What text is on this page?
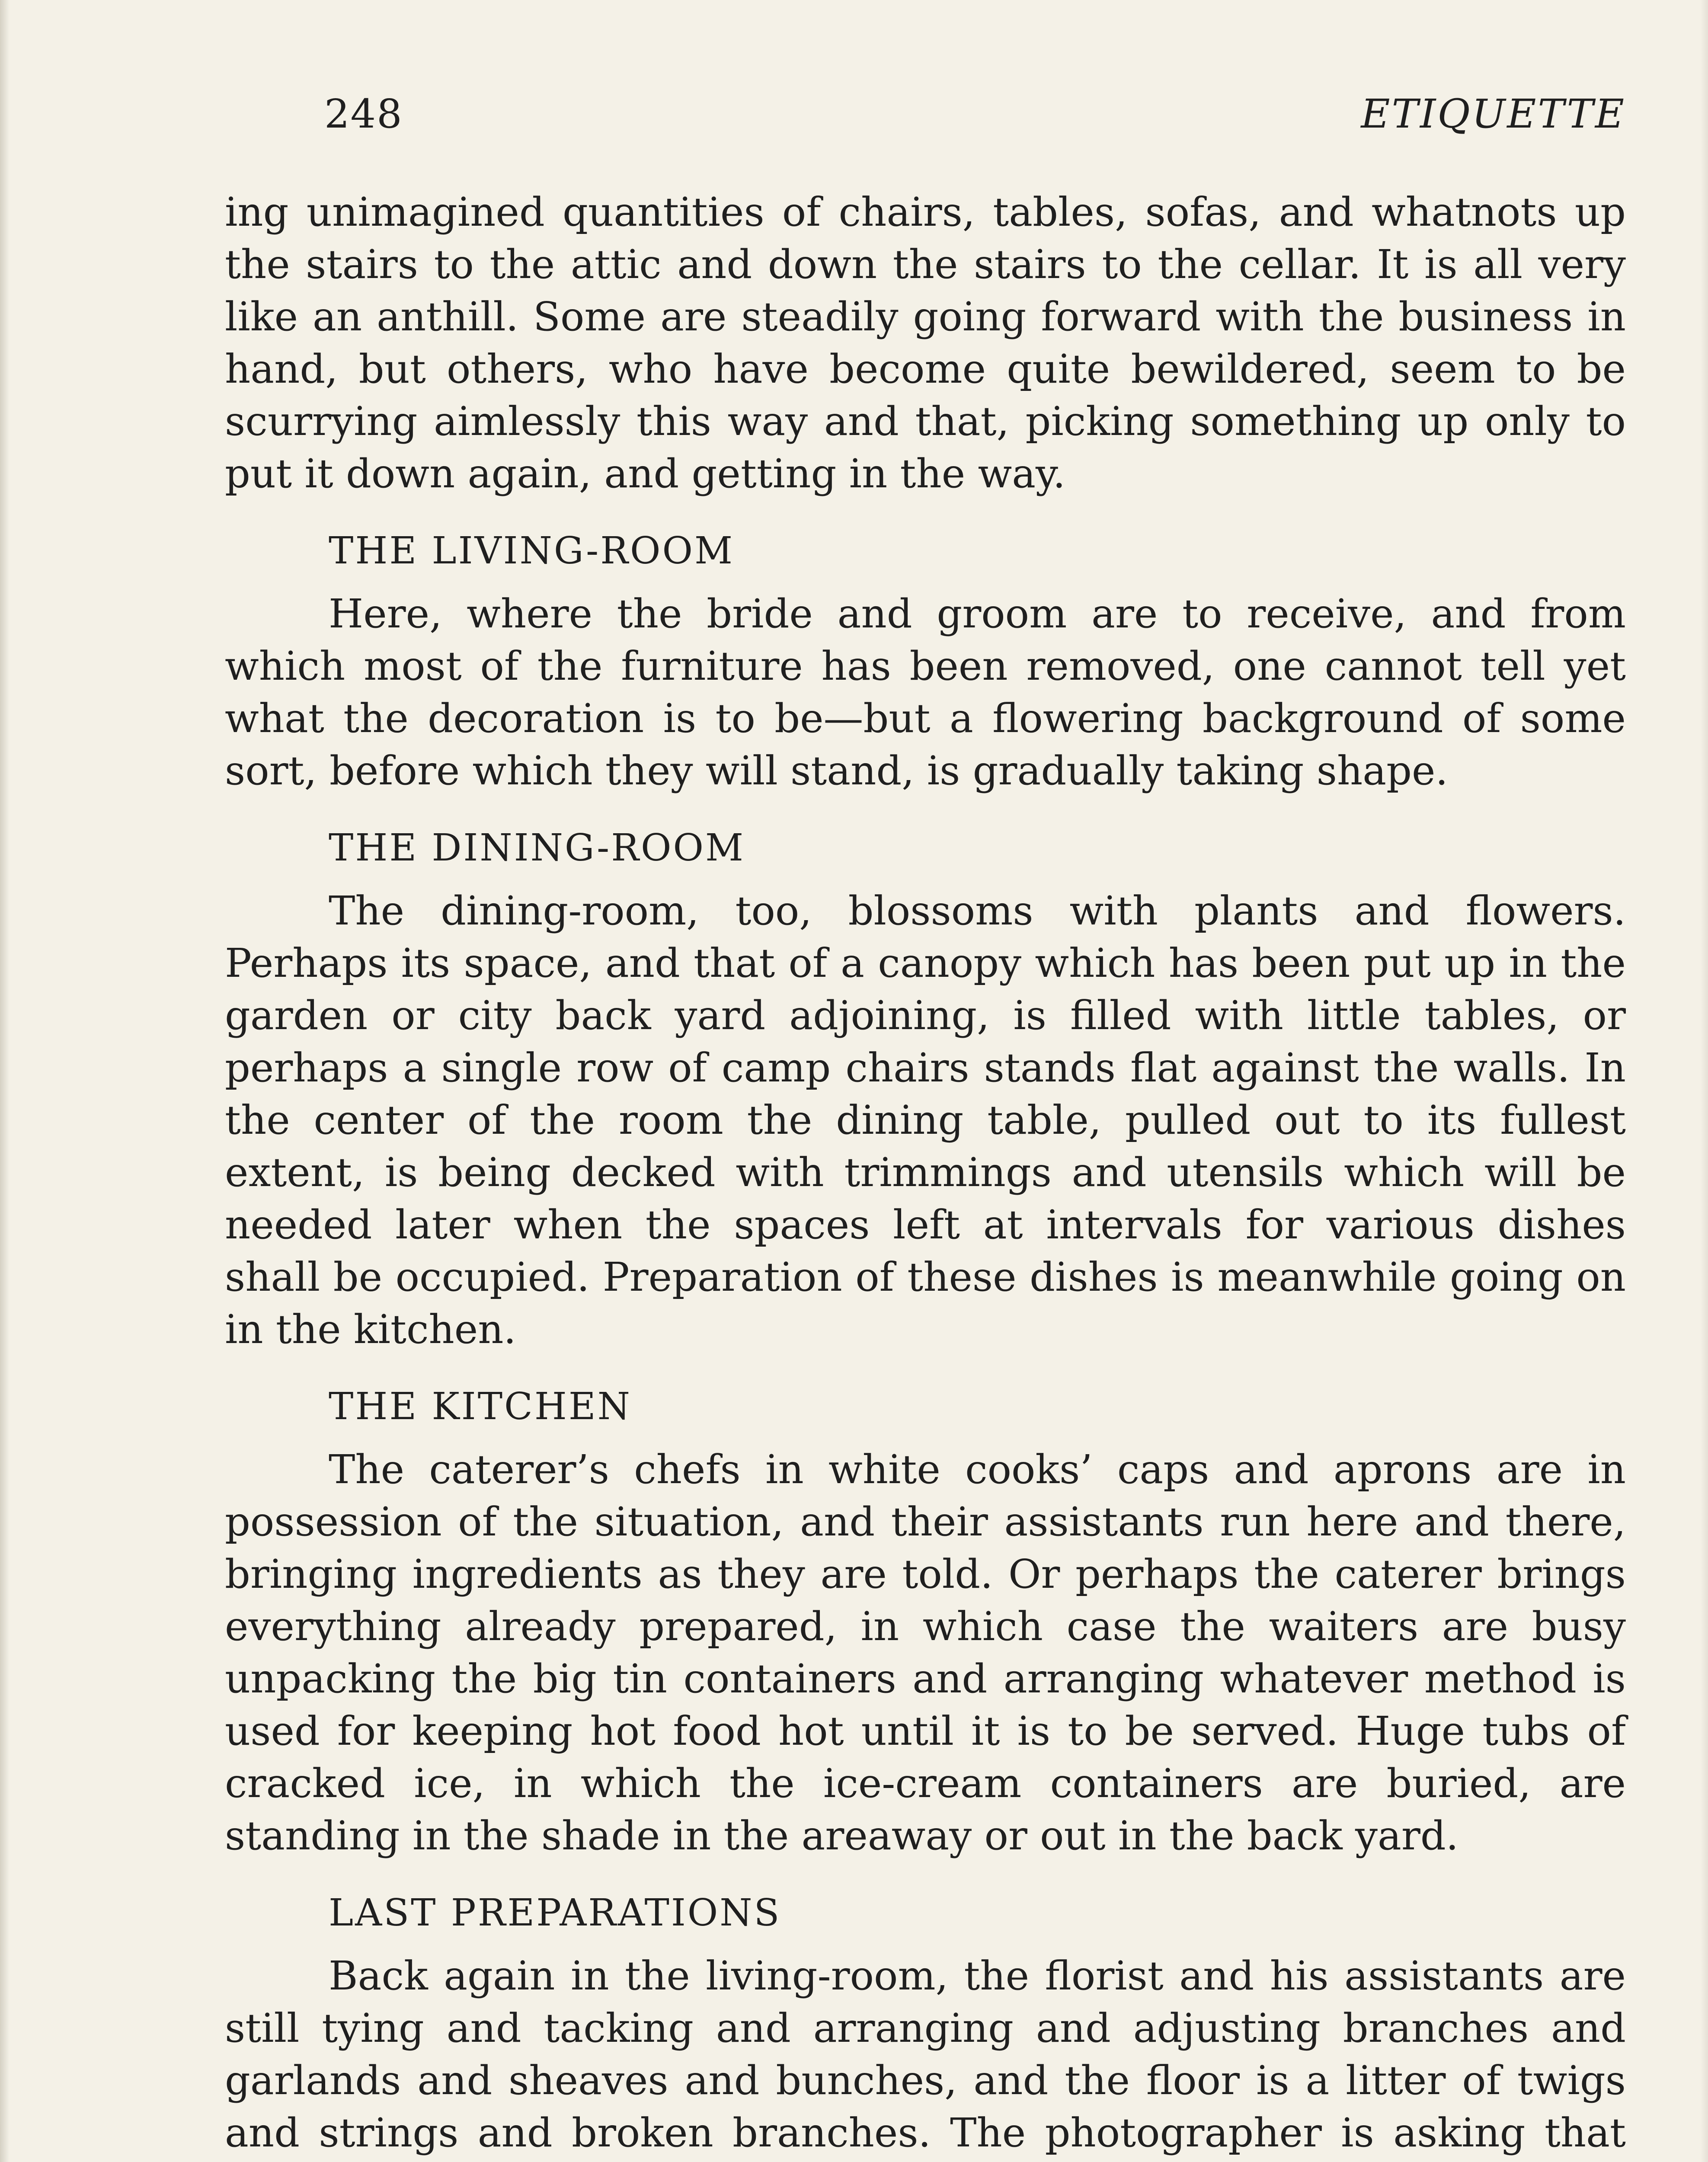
248	ETIQUETTE

ing unimagined quantities of chairs, tables, sofas, and whatnots up the stairs to the attic and down the stairs to the cellar. It is all very like an anthill. Some are steadily going forward with the business in hand, but others, who have become quite bewildered, seem to be scurrying aimlessly this way and that, picking something up only to put it down again, and getting in the way.

THE LIVING-ROOM

Here, where the bride and groom are to receive, and from which most of the furniture has been removed, one cannot tell yet what the decoration is to be—but a flowering background of some sort, before which they will stand, is gradually taking shape.

THE DINING-ROOM

The dining-room, too, blossoms with plants and flowers. Perhaps its space, and that of a canopy which has been put up in the garden or city back yard adjoining, is filled with little tables, or perhaps a single row of camp chairs stands flat against the walls. In the center of the room the dining table, pulled out to its fullest extent, is being decked with trimmings and utensils which will be needed later when the spaces left at intervals for various dishes shall be occupied. Preparation of these dishes is meanwhile going on in the kitchen.

THE KITCHEN

The caterer’s chefs in white cooks’ caps and aprons are in possession of the situation, and their assistants run here and there, bringing ingredients as they are told. Or perhaps the caterer brings everything already prepared, in which case the waiters are busy unpacking the big tin containers and arranging whatever method is used for keeping hot food hot until it is to be served. Huge tubs of cracked ice, in which the ice-cream containers are buried, are standing in the shade in the areaway or out in the back yard.

LAST PREPARATIONS

Back again in the living-room, the florist and his assistants are still tying and tacking and arranging and adjusting branches and garlands and sheaves and bunches, and the floor is a litter of twigs and strings and broken branches. The photographer is asking that
